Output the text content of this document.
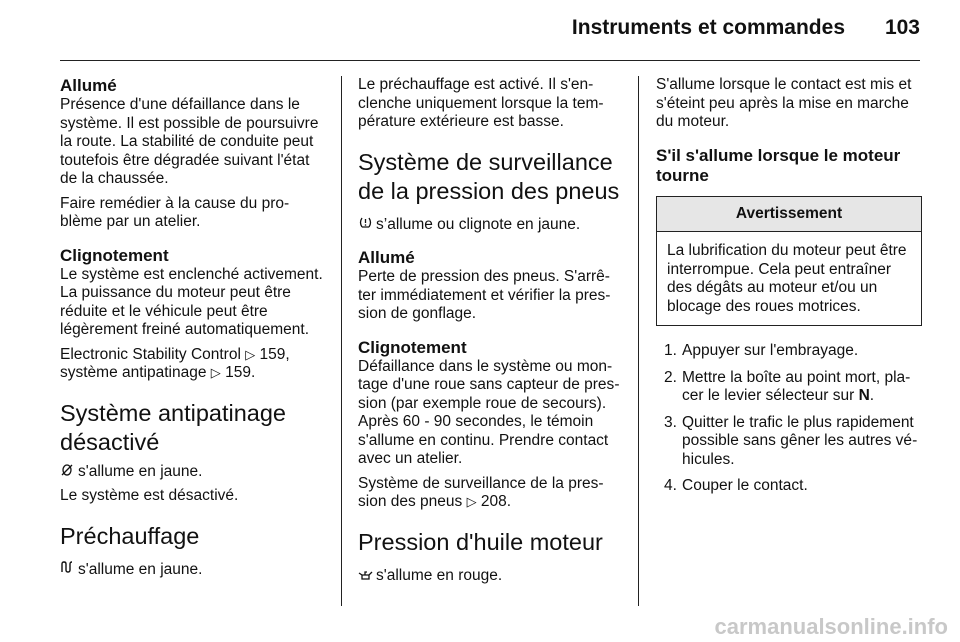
Instruments et commandes 103
Allumé

Présence d'une défaillance dans le système. Il est possible de poursuivre la route. La stabilité de conduite peut toutefois être dégradée suivant l'état de la chaussée.

Faire remédier à la cause du problème par un atelier.

Clignotement

Le système est enclenché activement. La puissance du moteur peut être réduite et le véhicule peut être légèrement freiné automatiquement.

Electronic Stability Control ▷ 159,
système antipatinage ▷ 159.

Système antipatinage désactivé

s'allume en jaune.

Le système est désactivé.

Préchauffage

s'allume en jaune.

Le préchauffage est activé. Il s'enclenche uniquement lorsque la température extérieure est basse.

Système de surveillance de la pression des pneus

s’allume ou clignote en jaune.

Allumé

Perte de pression des pneus. S'arrêter immédiatement et vérifier la pression de gonflage.

Clignotement

Défaillance dans le système ou montage d'une roue sans capteur de pression (par exemple roue de secours). Après 60 - 90 secondes, le témoin s'allume en continu. Prendre contact avec un atelier.

Système de surveillance de la pression des pneus ▷ 208.

Pression d'huile moteur

s'allume en rouge.

S'allume lorsque le contact est mis et s'éteint peu après la mise en marche du moteur.

S'il s'allume lorsque le moteur tourne
Avertissement
La lubrification du moteur peut être interrompue. Cela peut entraîner des dégâts au moteur et/ou un blocage des roues motrices.
1. Appuyer sur l'embrayage.
2. Mettre la boîte au point mort, placer le levier sélecteur sur N.
3. Quitter le trafic le plus rapidement possible sans gêner les autres véhicules.
4. Couper le contact.
carmanualsonline.info
